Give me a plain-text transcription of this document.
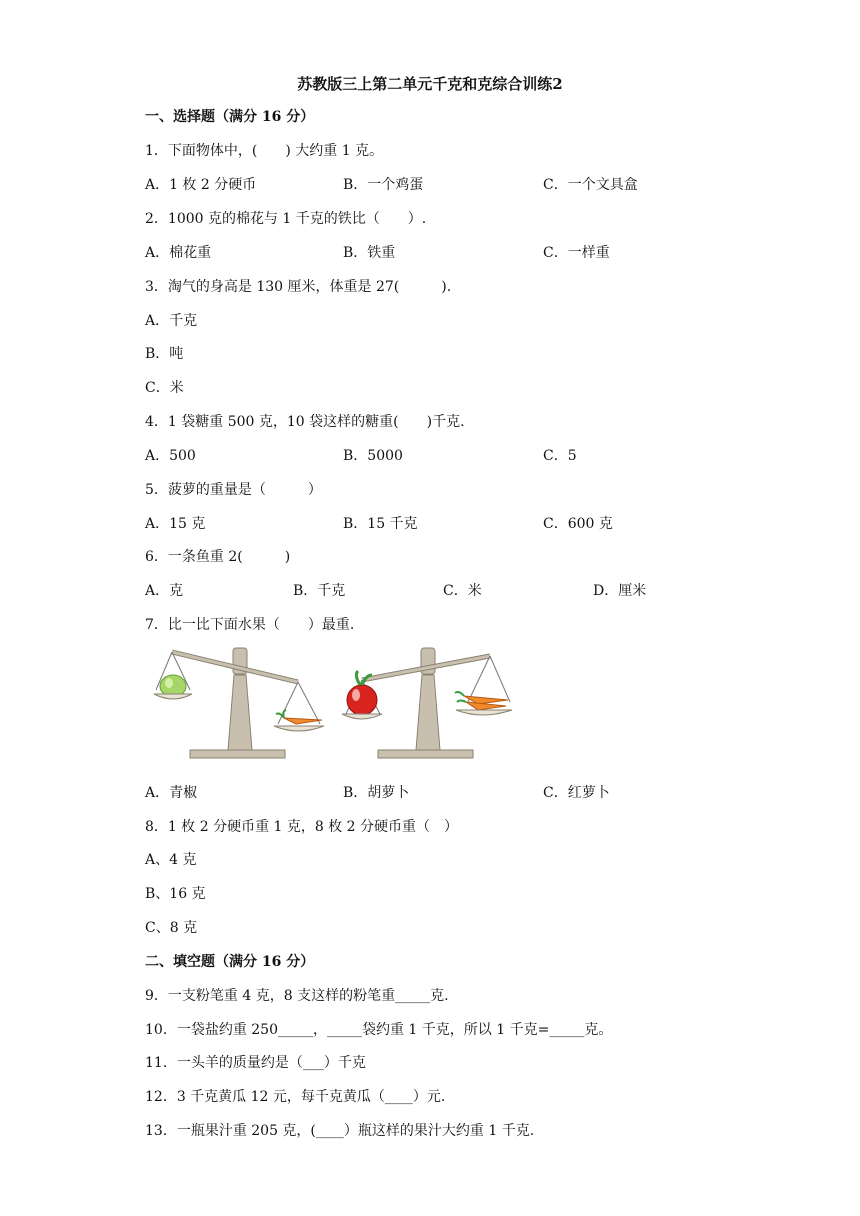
苏教版三上第二单元千克和克综合训练2
一、选择题（满分 16 分）
1．下面物体中，(　　) 大约重 1 克。
A．1 枚 2 分硬币	B．一个鸡蛋	C．一个文具盒
2．1000 克的棉花与 1 千克的铁比（　　）.
A．棉花重	B．铁重	C．一样重
3．淘气的身高是 130 厘米，体重是 27(　　　).
A．千克
B．吨
C．米
4．1 袋糖重 500 克，10 袋这样的糖重(　　)千克.
A．500	B．5000	C．5
5．菠萝的重量是（　　　）
A．15 克	B．15 千克	C．600 克
6．一条鱼重 2(　　　)
A．克	B．千克	C．米	D．厘米
7．比一比下面水果（　　）最重.
A．青椒	B．胡萝卜	C．红萝卜
8．1 枚 2 分硬币重 1 克，8 枚 2 分硬币重（　）
A、4 克
B、16 克
C、8 克
二、填空题（满分 16 分）
9．一支粉笔重 4 克，8 支这样的粉笔重_____克.
10．一袋盐约重 250_____，_____袋约重 1 千克，所以 1 千克=_____克。
11．一头羊的质量约是（___）千克
12．3 千克黄瓜 12 元，每千克黄瓜（____）元.
13．一瓶果汁重 205 克，(____）瓶这样的果汁大约重 1 千克.
